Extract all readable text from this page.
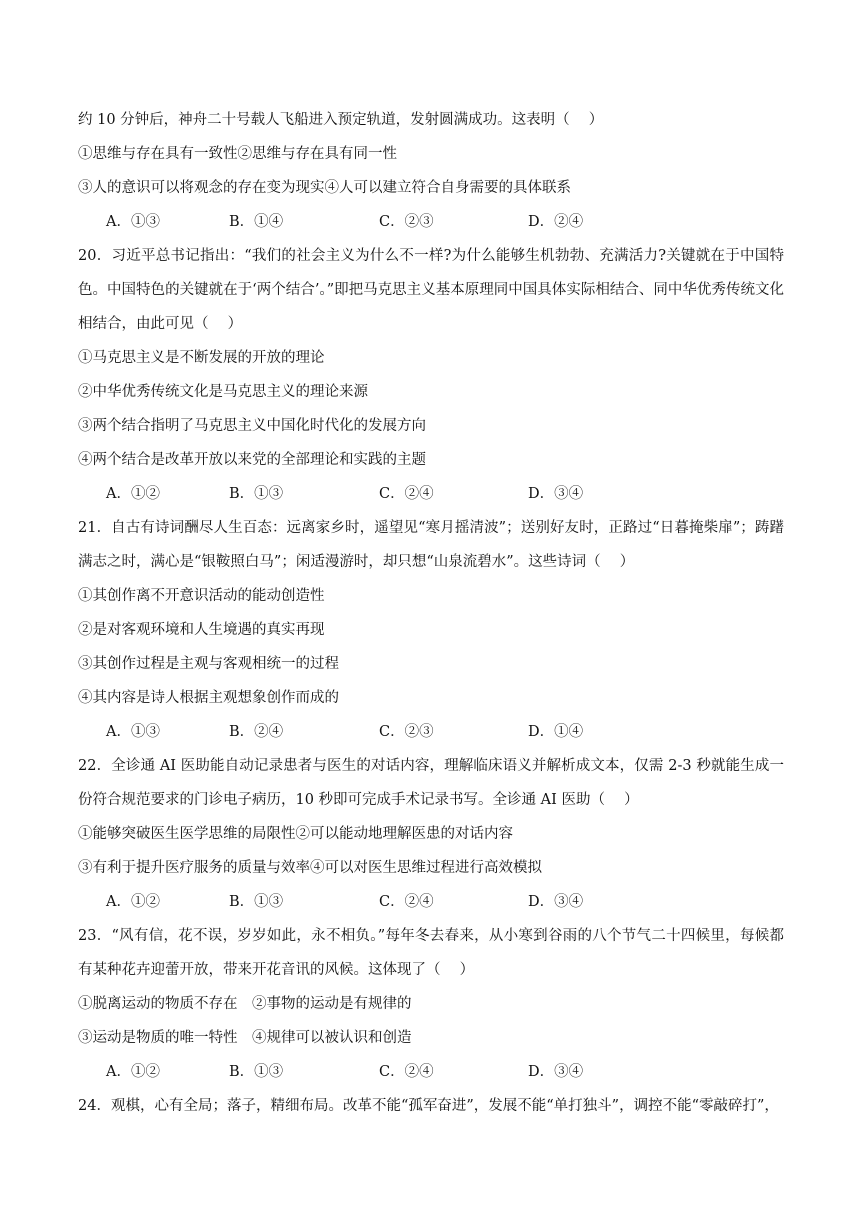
约 10 分钟后，神舟二十号载人飞船进入预定轨道，发射圆满成功。这表明（　 ）
①思维与存在具有一致性②思维与存在具有同一性
③人的意识可以将观念的存在变为现实④人可以建立符合自身需要的具体联系
A．①③	B．①④	C．②③	D．②④
20．习近平总书记指出：“我们的社会主义为什么不一样?为什么能够生机勃勃、充满活力?关键就在于中国特色。中国特色的关键就在于‘两个结合’。”即把马克思主义基本原理同中国具体实际相结合、同中华优秀传统文化相结合，由此可见（　 ）
①马克思主义是不断发展的开放的理论
②中华优秀传统文化是马克思主义的理论来源
③两个结合指明了马克思主义中国化时代化的发展方向
④两个结合是改革开放以来党的全部理论和实践的主题
A．①②	B．①③	C．②④	D．③④
21．自古有诗词酬尽人生百态：远离家乡时，遥望见“寒月摇清波”；送别好友时，正路过“日暮掩柴扉”；踌躇满志之时，满心是“银鞍照白马”；闲适漫游时，却只想“山泉流碧水”。这些诗词（　 ）
①其创作离不开意识活动的能动创造性
②是对客观环境和人生境遇的真实再现
③其创作过程是主观与客观相统一的过程
④其内容是诗人根据主观想象创作而成的
A．①③	B．②④	C．②③	D．①④
22．全诊通 AI 医助能自动记录患者与医生的对话内容，理解临床语义并解析成文本，仅需 2-3 秒就能生成一份符合规范要求的门诊电子病历，10 秒即可完成手术记录书写。全诊通 AI 医助（　 ）
①能够突破医生医学思维的局限性②可以能动地理解医患的对话内容
③有利于提升医疗服务的质量与效率④可以对医生思维过程进行高效模拟
A．①②	B．①③	C．②④	D．③④
23．“风有信，花不误，岁岁如此，永不相负。”每年冬去春来，从小寒到谷雨的八个节气二十四候里，每候都有某种花卉迎蕾开放，带来开花音讯的风候。这体现了（　 ）
①脱离运动的物质不存在　②事物的运动是有规律的
③运动是物质的唯一特性　④规律可以被认识和创造
A．①②	B．①③	C．②④	D．③④
24．观棋，心有全局；落子，精细布局。改革不能“孤军奋进”，发展不能“单打独斗”，调控不能“零敲碎打”，
